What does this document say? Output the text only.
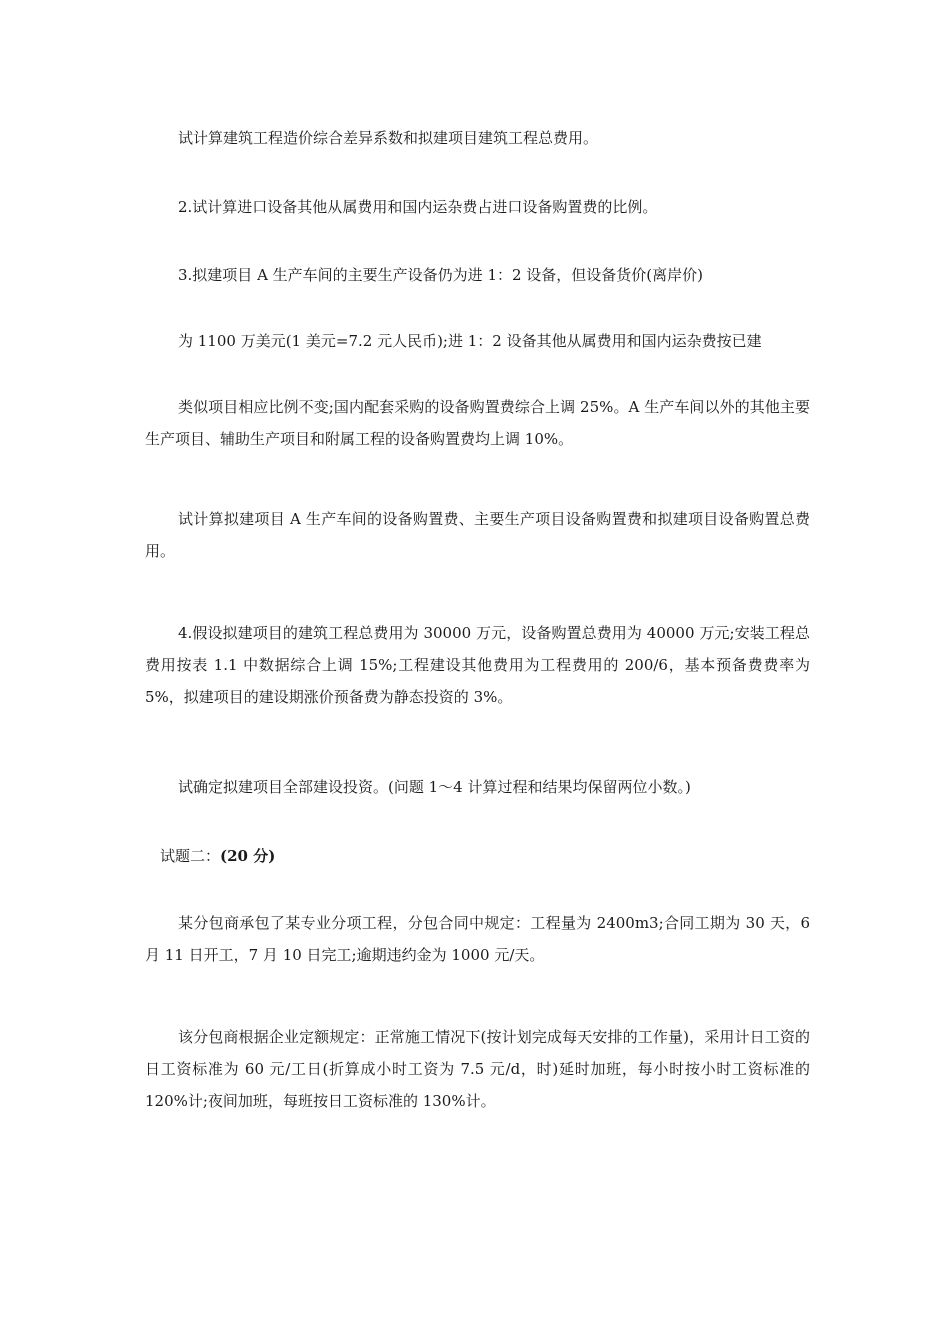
试计算建筑工程造价综合差异系数和拟建项目建筑工程总费用。

2.试计算进口设备其他从属费用和国内运杂费占进口设备购置费的比例。

3.拟建项目 A 生产车间的主要生产设备仍为进 1：2 设备，但设备货价(离岸价)

为 1100 万美元(1 美元=7.2 元人民币);进 1：2 设备其他从属费用和国内运杂费按已建

类似项目相应比例不变;国内配套采购的设备购置费综合上调 25%。A 生产车间以外的其他主要生产项目、辅助生产项目和附属工程的设备购置费均上调 10%。

试计算拟建项目 A 生产车间的设备购置费、主要生产项目设备购置费和拟建项目设备购置总费用。

4.假设拟建项目的建筑工程总费用为 30000 万元，设备购置总费用为 40000 万元;安装工程总费用按表 1.1 中数据综合上调 15%;工程建设其他费用为工程费用的 200/6，基本预备费费率为 5%，拟建项目的建设期涨价预备费为静态投资的 3%。

试确定拟建项目全部建设投资。(问题 1～4 计算过程和结果均保留两位小数。)

试题二：(20 分)

某分包商承包了某专业分项工程，分包合同中规定：工程量为 2400m3;合同工期为 30 天，6 月 11 日开工，7 月 10 日完工;逾期违约金为 1000 元/天。

该分包商根据企业定额规定：正常施工情况下(按计划完成每天安排的工作量)，采用计日工资的日工资标准为 60 元/工日(折算成小时工资为 7.5 元/d，时)延时加班，每小时按小时工资标准的 120%计;夜间加班，每班按日工资标准的 130%计。
